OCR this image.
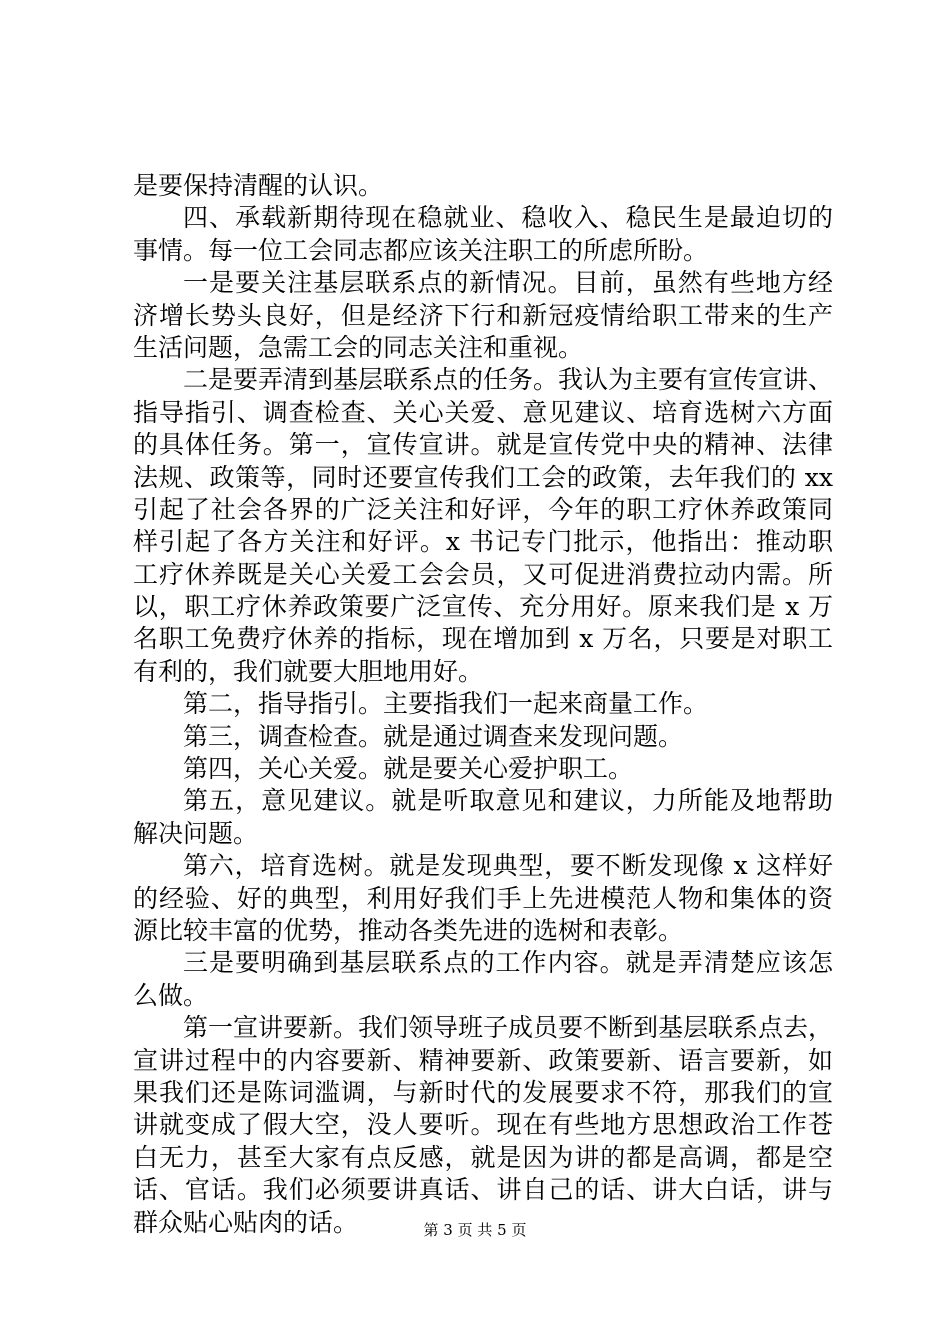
是要保持清醒的认识。
四、承载新期待现在稳就业、稳收入、稳民生是最迫切的
事情。每一位工会同志都应该关注职工的所虑所盼。
一是要关注基层联系点的新情况。目前，虽然有些地方经
济增长势头良好，但是经济下行和新冠疫情给职工带来的生产
生活问题，急需工会的同志关注和重视。
二是要弄清到基层联系点的任务。我认为主要有宣传宣讲、
指导指引、调查检查、关心关爱、意见建议、培育选树六方面
的具体任务。第一，宣传宣讲。就是宣传党中央的精神、法律
法规、政策等，同时还要宣传我们工会的政策，去年我们的 xx
引起了社会各界的广泛关注和好评，今年的职工疗休养政策同
样引起了各方关注和好评。x 书记专门批示，他指出：推动职
工疗休养既是关心关爱工会会员，又可促进消费拉动内需。所
以，职工疗休养政策要广泛宣传、充分用好。原来我们是 x 万
名职工免费疗休养的指标，现在增加到 x 万名，只要是对职工
有利的，我们就要大胆地用好。
第二，指导指引。主要指我们一起来商量工作。
第三，调查检查。就是通过调查来发现问题。
第四，关心关爱。就是要关心爱护职工。
第五，意见建议。就是听取意见和建议，力所能及地帮助
解决问题。
第六，培育选树。就是发现典型，要不断发现像 x 这样好
的经验、好的典型，利用好我们手上先进模范人物和集体的资
源比较丰富的优势，推动各类先进的选树和表彰。
三是要明确到基层联系点的工作内容。就是弄清楚应该怎
么做。
第一宣讲要新。我们领导班子成员要不断到基层联系点去，
宣讲过程中的内容要新、精神要新、政策要新、语言要新，如
果我们还是陈词滥调，与新时代的发展要求不符，那我们的宣
讲就变成了假大空，没人要听。现在有些地方思想政治工作苍
白无力，甚至大家有点反感，就是因为讲的都是高调，都是空
话、官话。我们必须要讲真话、讲自己的话、讲大白话，讲与
群众贴心贴肉的话。	第 3 页 共 5 页
